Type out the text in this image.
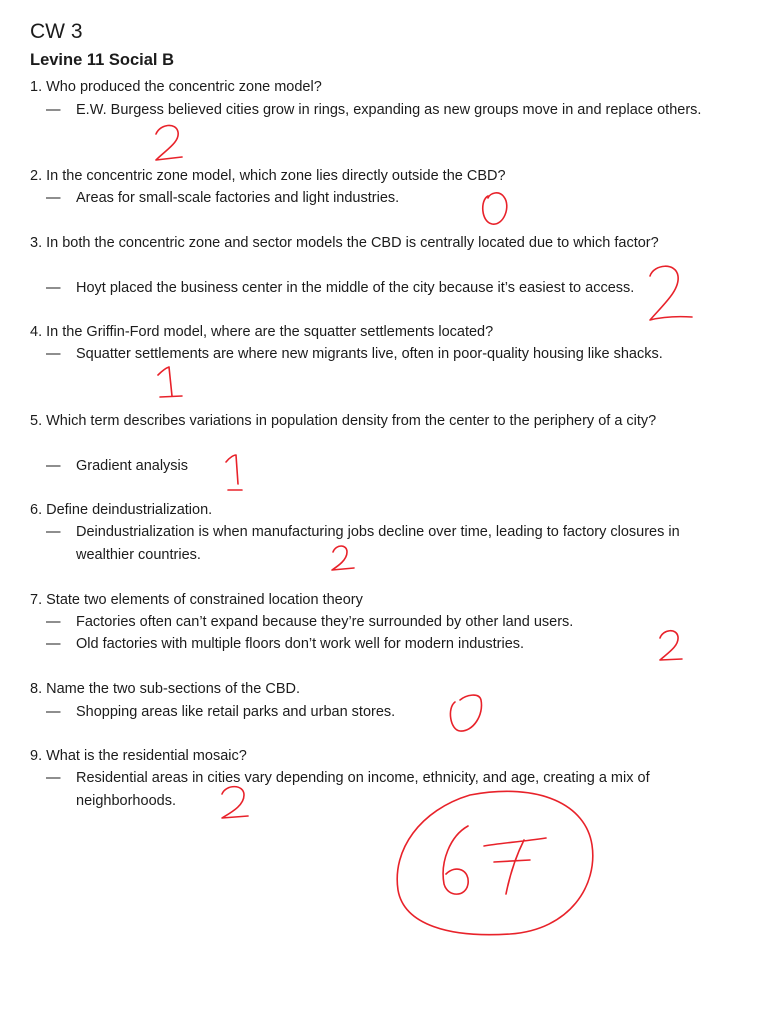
CW 3
Levine 11 Social B
1. Who produced the concentric zone model?
— E.W. Burgess believed cities grow in rings, expanding as new groups move in and replace others.
2. In the concentric zone model, which zone lies directly outside the CBD?
— Areas for small-scale factories and light industries.
3. In both the concentric zone and sector models the CBD is centrally located due to which factor?
— Hoyt placed the business center in the middle of the city because it’s easiest to access.
4. In the Griffin-Ford model, where are the squatter settlements located?
— Squatter settlements are where new migrants live, often in poor-quality housing like shacks.
5. Which term describes variations in population density from the center to the periphery of a city?
— Gradient analysis
6. Define deindustrialization.
— Deindustrialization is when manufacturing jobs decline over time, leading to factory closures in wealthier countries.
7. State two elements of constrained location theory
— Factories often can’t expand because they’re surrounded by other land users.
— Old factories with multiple floors don’t work well for modern industries.
8. Name the two sub-sections of the CBD.
— Shopping areas like retail parks and urban stores.
9. What is the residential mosaic?
— Residential areas in cities vary depending on income, ethnicity, and age, creating a mix of neighborhoods.
